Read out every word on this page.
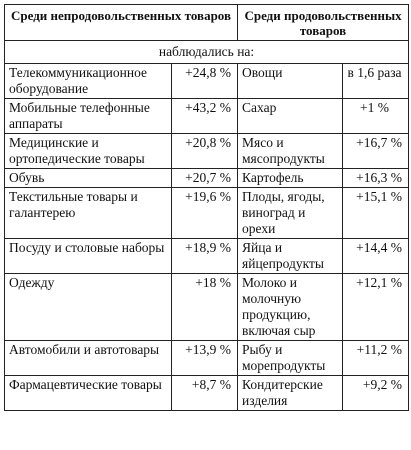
Среди непродовольственных товаров		Среди продовольственных товаров	
наблюдались на:			
Телекоммуникационное оборудование	+24,8 %	Овощи	в 1,6 раза
Мобильные телефонные аппараты	+43,2 %	Сахар	+1 %
Медицинские и ортопедические товары	+20,8 %	Мясо и мясопродукты	+16,7 %
Обувь	+20,7 %	Картофель	+16,3 %
Текстильные товары и галантерею	+19,6 %	Плоды, ягоды, виноград и орехи	+15,1 %
Посуду и столовые наборы	+18,9 %	Яйца и яйцепродукты	+14,4 %
Одежду	+18 %	Молоко и молочную продукцию, включая сыр	+12,1 %
Автомобили и автотовары	+13,9 %	Рыбу и морепродукты	+11,2 %
Фармацевтические товары	+8,7 %	Кондитерские изделия	+9,2 %
